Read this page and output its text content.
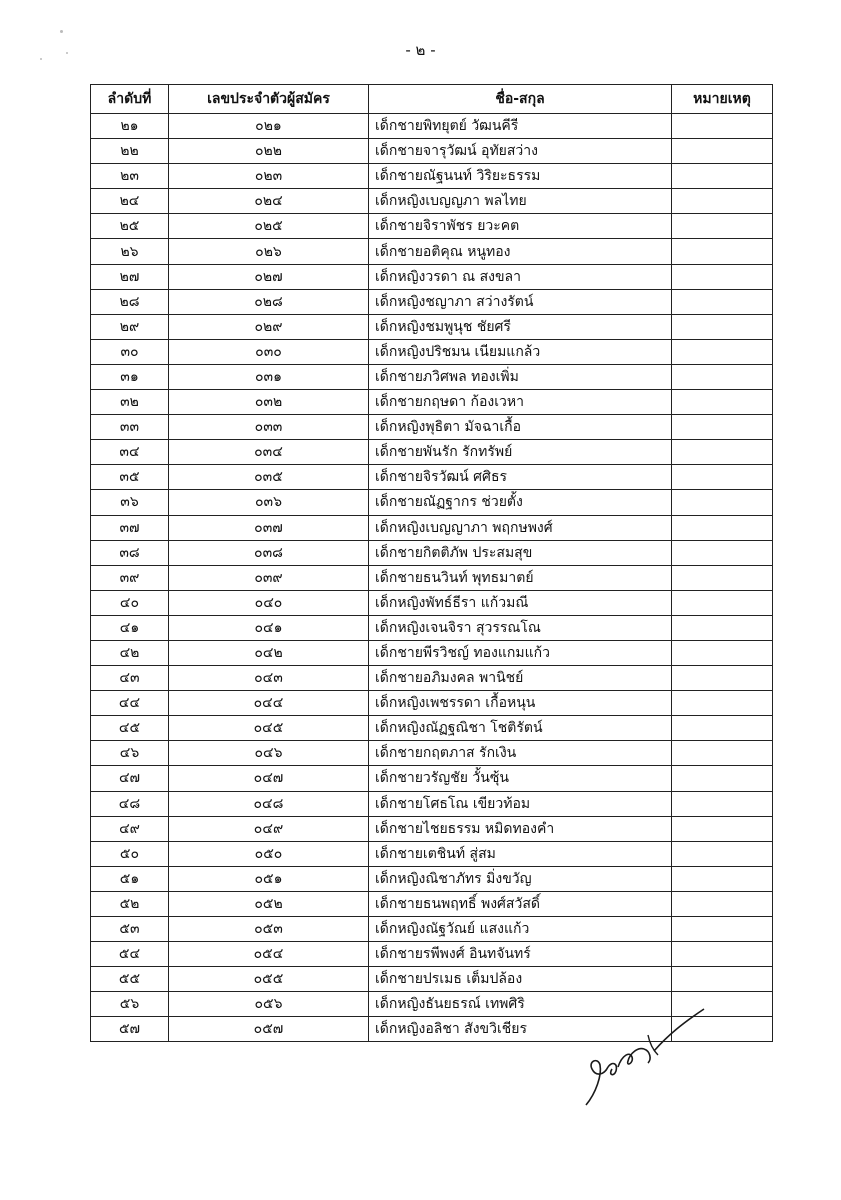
- ๒ -
ลำดับที่	เลขประจำตัวผู้สมัคร	ชื่อ-สกุล	หมายเหตุ
๒๑	๐๒๑	เด็กชายพิทยุตย์ วัฒนคีรี	
๒๒	๐๒๒	เด็กชายจารุวัฒน์ อุทัยสว่าง	
๒๓	๐๒๓	เด็กชายณัฐนนท์ วิริยะธรรม	
๒๔	๐๒๔	เด็กหญิงเบญญภา พลไทย	
๒๕	๐๒๕	เด็กชายจิราพัชร ยวะคต	
๒๖	๐๒๖	เด็กชายอติคุณ หนูทอง	
๒๗	๐๒๗	เด็กหญิงวรดา ณ สงขลา	
๒๘	๐๒๘	เด็กหญิงชญาภา สว่างรัตน์	
๒๙	๐๒๙	เด็กหญิงชมพูนุช ชัยศรี	
๓๐	๐๓๐	เด็กหญิงปริชมน เนียมแกล้ว	
๓๑	๐๓๑	เด็กชายภวิศพล ทองเพิ่ม	
๓๒	๐๓๒	เด็กชายกฤษดา ก้องเวหา	
๓๓	๐๓๓	เด็กหญิงพุธิตา มัจฉาเกื้อ	
๓๔	๐๓๔	เด็กชายพันรัก รักทรัพย์	
๓๕	๐๓๕	เด็กชายจิรวัฒน์ ศศิธร	
๓๖	๐๓๖	เด็กชายณัฏฐากร ช่วยตั้ง	
๓๗	๐๓๗	เด็กหญิงเบญญาภา พฤกษพงศ์	
๓๘	๐๓๘	เด็กชายกิตติภัพ ประสมสุข	
๓๙	๐๓๙	เด็กชายธนวินท์ พุทธมาตย์	
๔๐	๐๔๐	เด็กหญิงพัทธ์ธีรา แก้วมณี	
๔๑	๐๔๑	เด็กหญิงเจนจิรา สุวรรณโณ	
๔๒	๐๔๒	เด็กชายพีรวิชญ์ ทองแกมแก้ว	
๔๓	๐๔๓	เด็กชายอภิมงคล พานิชย์	
๔๔	๐๔๔	เด็กหญิงเพชรรดา เกื้อหนุน	
๔๕	๐๔๕	เด็กหญิงณัฏฐณิชา โชติรัตน์	
๔๖	๐๔๖	เด็กชายกฤตภาส รักเงิน	
๔๗	๐๔๗	เด็กชายวรัญชัย วั้นซุ้น	
๔๘	๐๔๘	เด็กชายโศธโณ เขียวท้อม	
๔๙	๐๔๙	เด็กชายไชยธรรม หมิดทองคำ	
๕๐	๐๕๐	เด็กชายเตชินท์ สู่สม	
๕๑	๐๕๑	เด็กหญิงณิชาภัทร มิ่งขวัญ	
๕๒	๐๕๒	เด็กชายธนพฤทธิ์ พงศ์สวัสดิ์	
๕๓	๐๕๓	เด็กหญิงณัฐวัณย์ แสงแก้ว	
๕๔	๐๕๔	เด็กชายรพีพงศ์ อินทจันทร์	
๕๕	๐๕๕	เด็กชายปรเมธ เต็มปล้อง	
๕๖	๐๕๖	เด็กหญิงธันยธรณ์ เทพศิริ	
๕๗	๐๕๗	เด็กหญิงอลิชา สังขวิเชียร	
